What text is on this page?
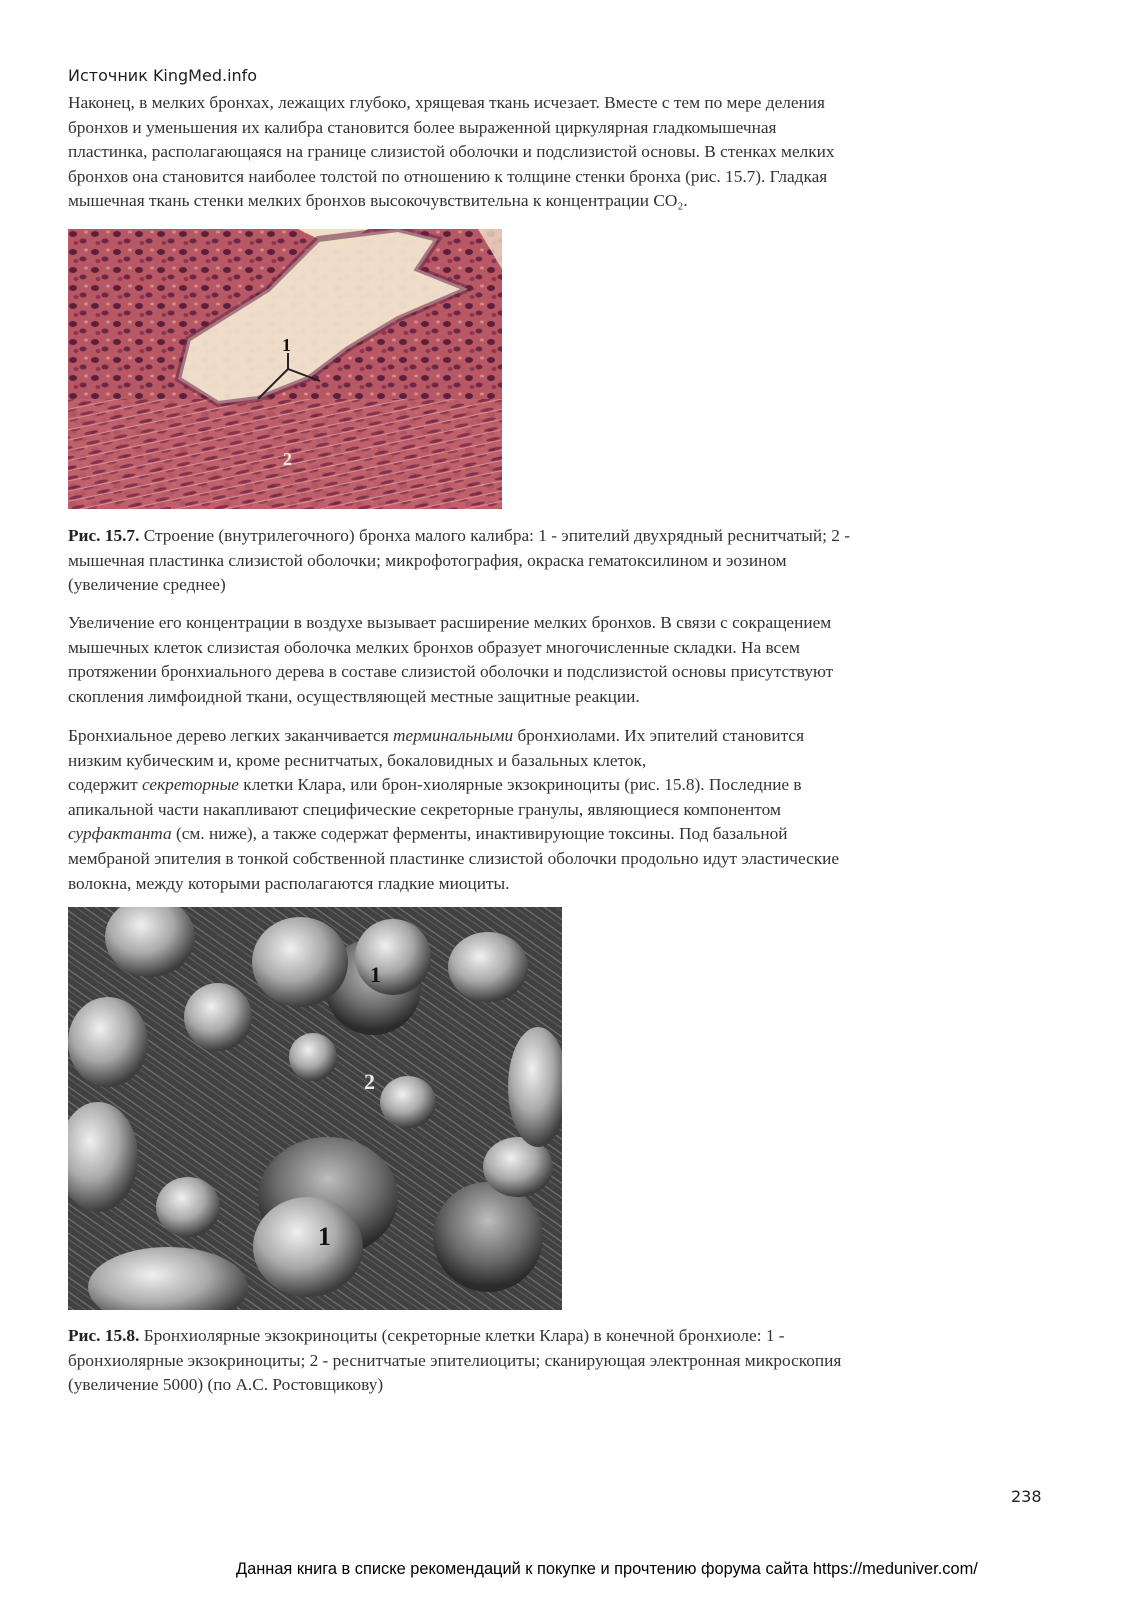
Источник KingMed.info

Наконец, в мелких бронхах, лежащих глубоко, хрящевая ткань исчезает. Вместе с тем по мере деления
бронхов и уменьшения их калибра становится более выраженной циркулярная гладкомышечная
пластинка, располагающаяся на границе слизистой оболочки и подслизистой основы. В стенках мелких
бронхов она становится наиболее толстой по отношению к толщине стенки бронха (рис. 15.7). Гладкая
мышечная ткань стенки мелких бронхов высокочувствительна к концентрации CO₂.

1
2

Рис. 15.7. Строение (внутрилегочного) бронха малого калибра: 1 - эпителий двухрядный реснитчатый; 2 -
мышечная пластинка слизистой оболочки; микрофотография, окраска гематоксилином и эозином
(увеличение среднее)

Увеличение его концентрации в воздухе вызывает расширение мелких бронхов. В связи с сокращением
мышечных клеток слизистая оболочка мелких бронхов образует многочисленные складки. На всем
протяжении бронхиального дерева в составе слизистой оболочки и подслизистой основы присутствуют
скопления лимфоидной ткани, осуществляющей местные защитные реакции.

Бронхиальное дерево легких заканчивается терминальными бронхиолами. Их эпителий становится
низким кубическим и, кроме реснитчатых, бокаловидных и базальных клеток,
содержит секреторные клетки Клара, или брон-хиолярные экзокриноциты (рис. 15.8). Последние в
апикальной части накапливают специфические секреторные гранулы, являющиеся компонентом
сурфактанта (см. ниже), а также содержат ферменты, инактивирующие токсины. Под базальной
мембраной эпителия в тонкой собственной пластинке слизистой оболочки продольно идут эластические
волокна, между которыми располагаются гладкие миоциты.

1
2
1

Рис. 15.8. Бронхиолярные экзокриноциты (секреторные клетки Клара) в конечной бронхиоле: 1 -
бронхиолярные экзокриноциты; 2 - реснитчатые эпителиоциты; сканирующая электронная микроскопия
(увеличение 5000) (по А.С. Ростовщикову)

238
Данная книга в списке рекомендаций к покупке и прочтению форума сайта https://meduniver.com/
